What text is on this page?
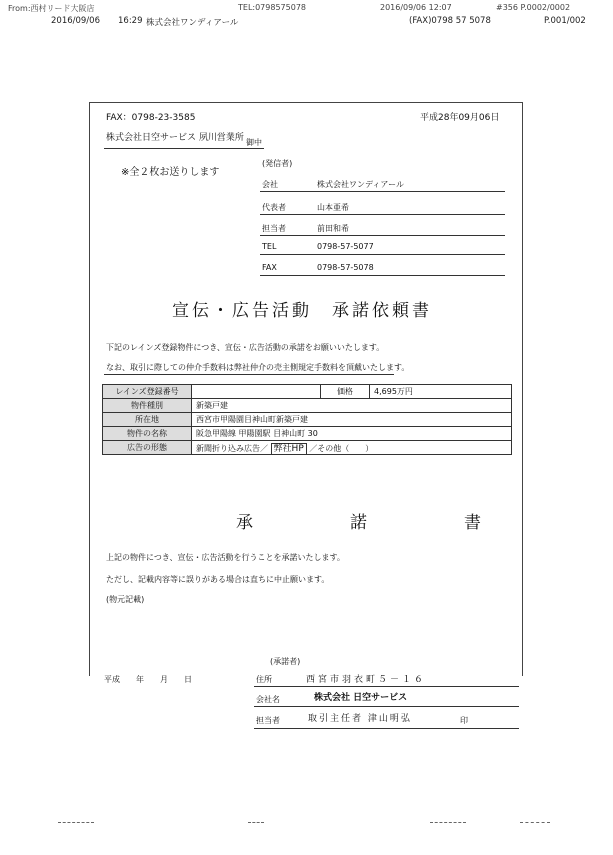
From:西村リード大阪店	TEL:0798575078	2016/09/06 12:07	#356 P.0002/0002
2016/09/06 16:29 株式会社ワンディアール	(FAX)0798 57 5078	P.001/002
FAX：0798-23-3585	平成28年09月06日
株式会社日空サービス 夙川営業所 御中
※全２枚お送りします
(発信者)
会社	株式会社ワンディアール
代表者	山本亜希
担当者	前田和希
TEL	0798-57-5077
FAX	0798-57-5078
宣伝・広告活動　承諾依頼書
下記のレインズ登録物件につき、宣伝・広告活動の承諾をお願いいたします。
なお、取引に際しての仲介手数料は弊社仲介の売主側規定手数料を頂戴いたします。
レインズ登録番号		価格	4,695万円
物件種別	新築戸建		
所在地	西宮市甲陽園目神山町新築戸建		
物件の名称	阪急甲陽線 甲陽園駅 目神山町 30		
広告の形態	新聞折り込み広告／ 弊社HP ／その他（　　）		
承　諾　書
上記の物件につき、宣伝・広告活動を行うことを承諾いたします。
ただし、記載内容等に誤りがある場合は直ちに中止願います。
(物元記載)
(承諾者)
平成　　年　　月　　日	住所	西宮市羽衣町５－１６
会社名	株式会社 日空サービス
担当者	取引主任者 津山明弘	印
